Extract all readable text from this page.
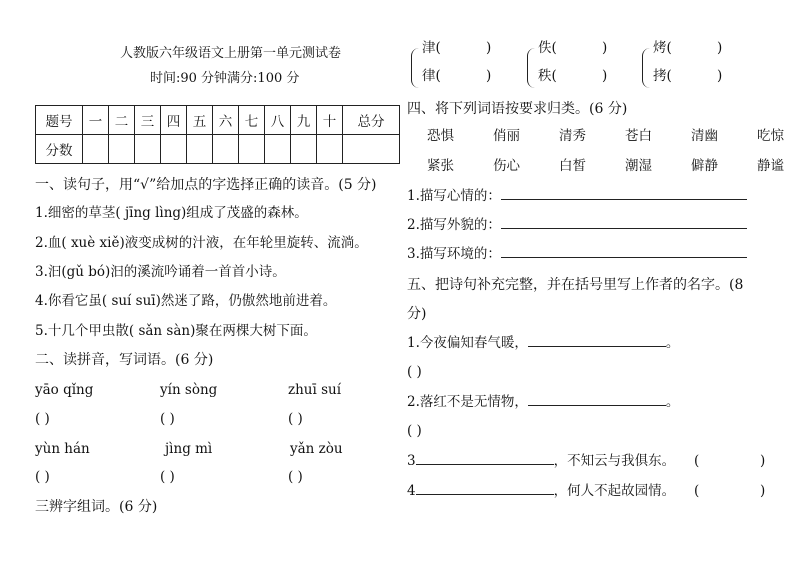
人教版六年级语文上册第一单元测试卷
时间:90 分钟满分:100 分
题号	一	二	三	四	五	六	七	八	九	十	总分
分数											
一、读句子，用“√”给加点的字选择正确的读音。(5 分)
1.细密的草茎( jīng lìng)组成了茂盛的森林。
2.血( xuè xiě)液变成树的汁液，在年轮里旋转、流淌。
3.汩(gǔ bó)汩的溪流吟诵着一首首小诗。
4.你看它虽( suí suī)然迷了路，仍傲然地前进着。
5.十几个甲虫散( sǎn sàn)聚在两棵大树下面。
二、读拼音，写词语。(6 分)
yāo qǐng	yín sòng	zhuī suí
( )	( )	( )
yùn hán	jìng mì	yǎn zòu
( )	( )	( )
三辨字组词。(6 分)
津(	)
律(	)
佚(	)
秩(	)
烤(	)
拷(	)
四、将下列词语按要求归类。(6 分)
恐惧	俏丽	清秀	苍白	清幽	吃惊
紧张	伤心	白皙	潮湿	僻静	静谧
1.描写心情的：
2.描写外貌的：
3.描写环境的：
五、把诗句补充完整，并在括号里写上作者的名字。(8
分)
1.今夜偏知春气暖，	。
( )
2.落红不是无情物，	。
( )
3	，不知云与我俱东。 (	)
4	，何人不起故园情。 (	)
